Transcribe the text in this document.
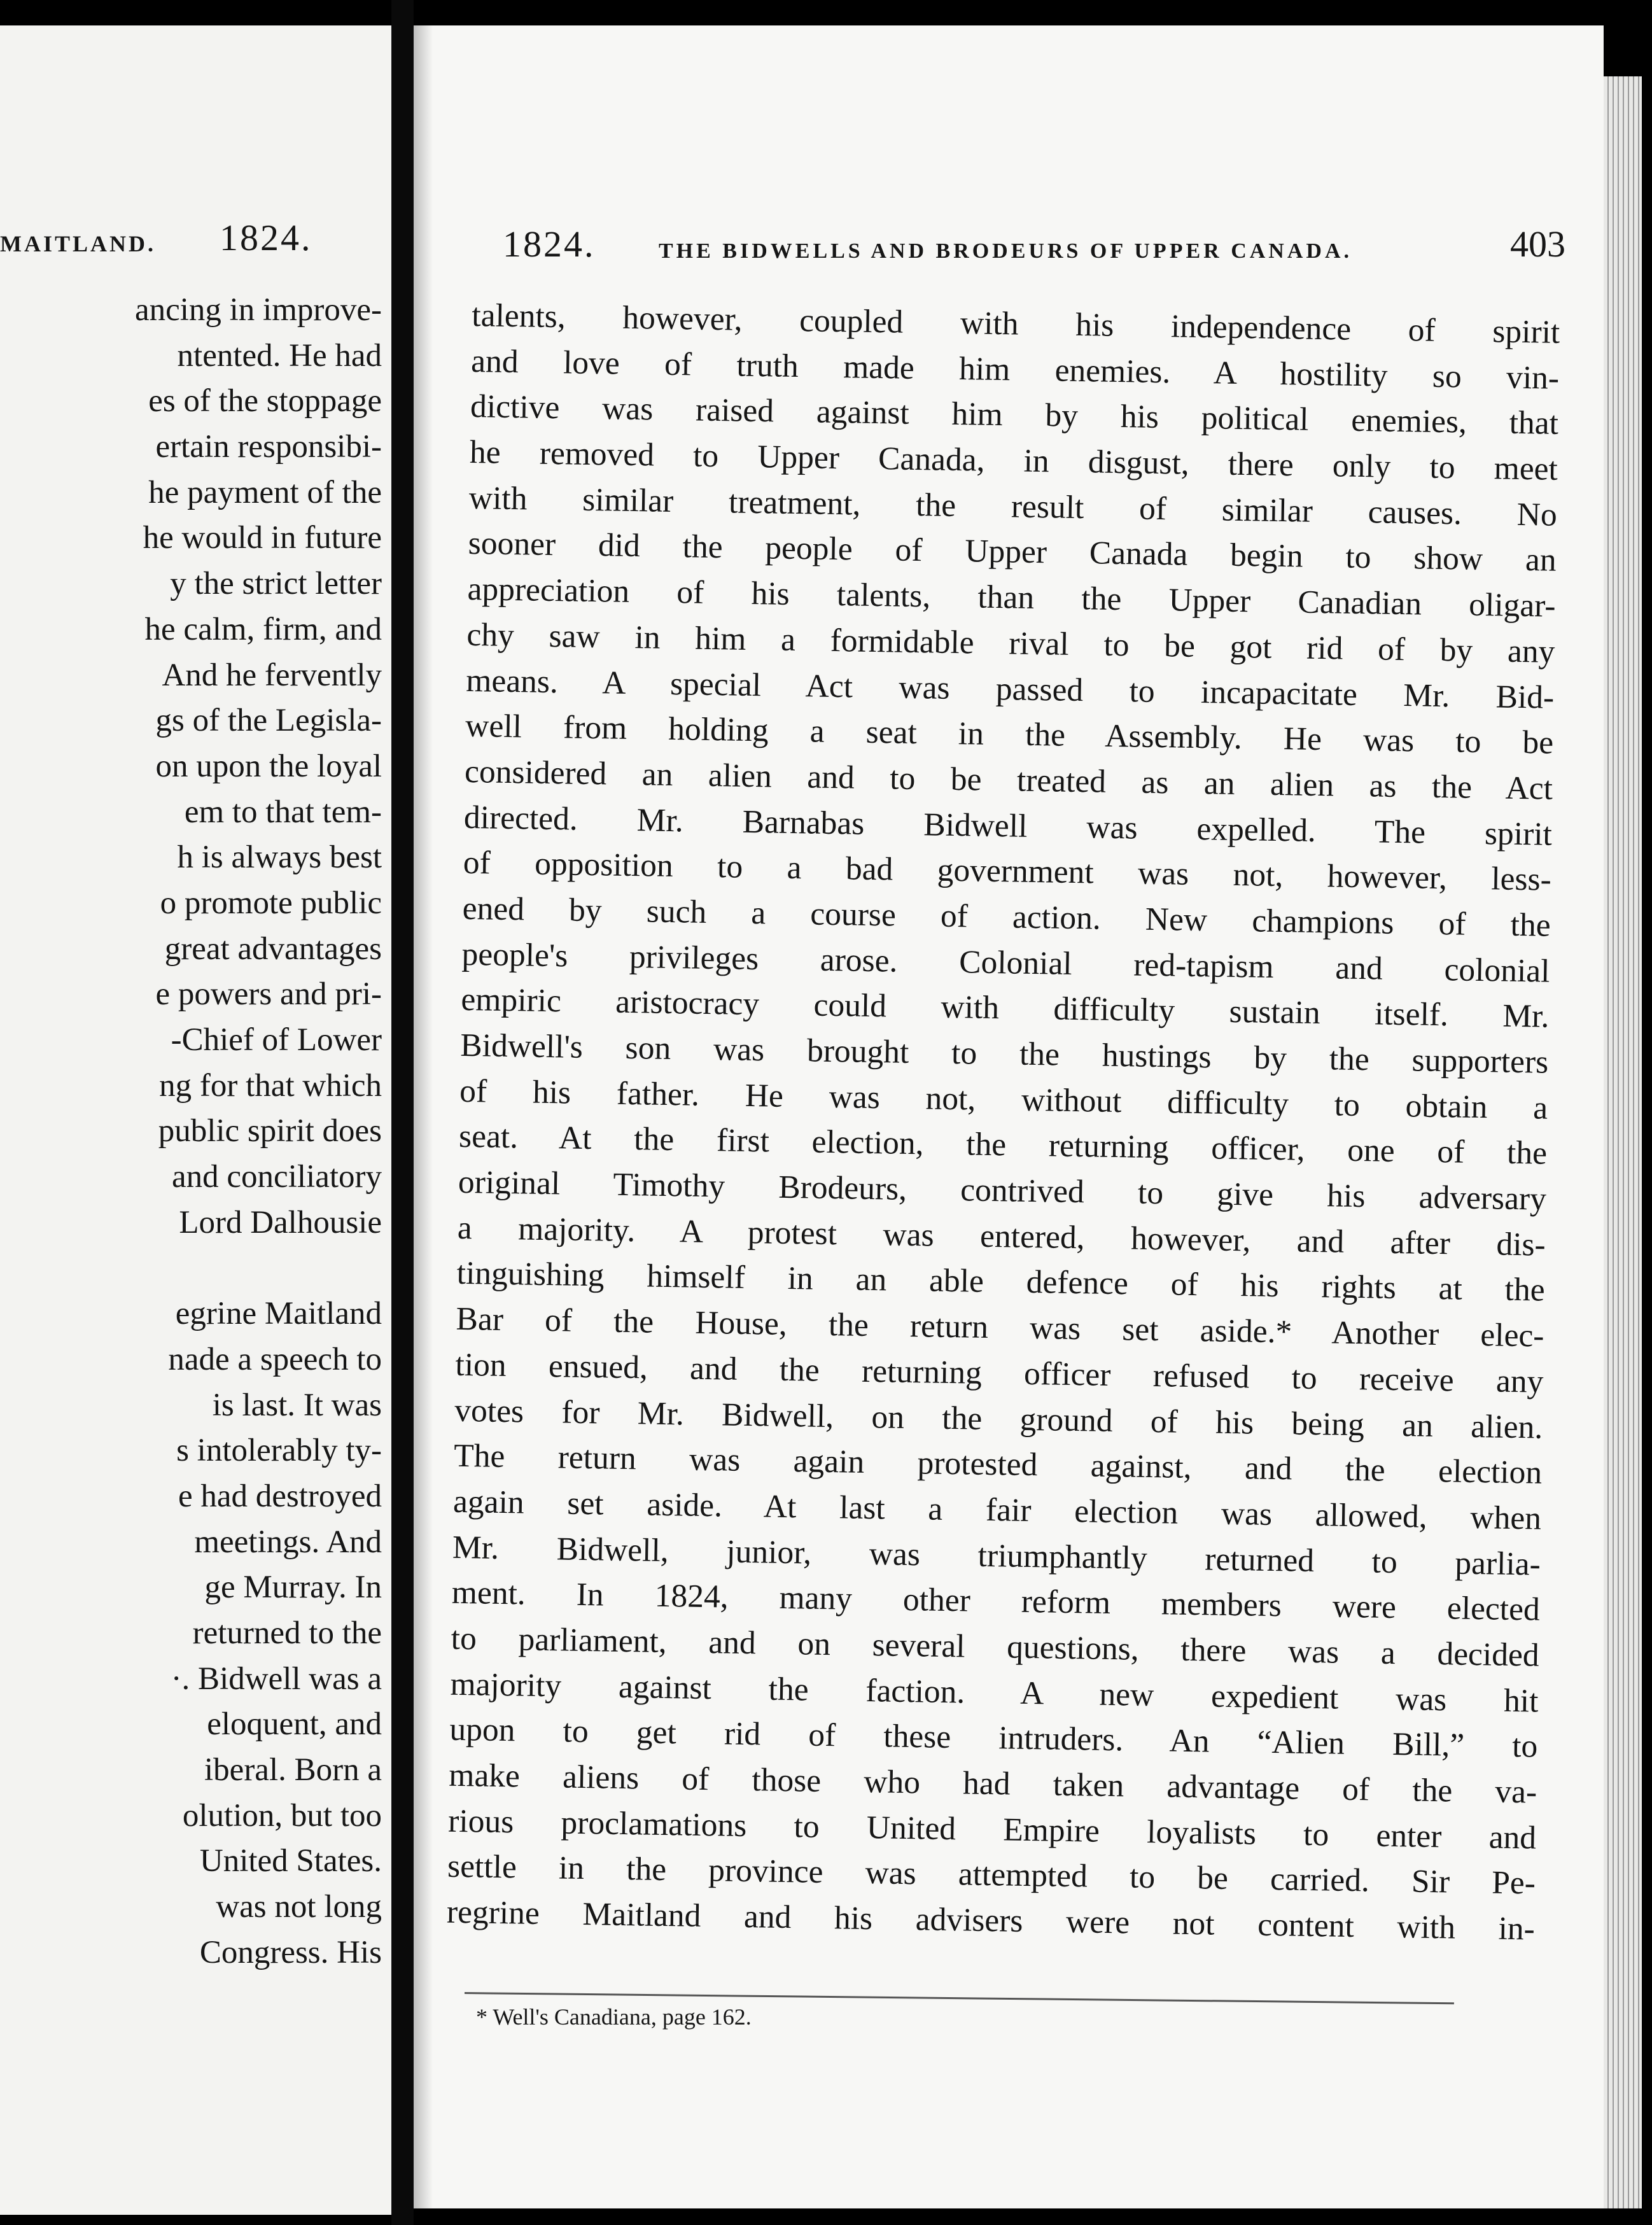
MAITLAND. 1824.
ancing in improve-
ntented. He had
es of the stoppage
ertain responsibi-
he payment of the
he would in future
y the strict letter
he calm, firm, and
And he fervently
gs of the Legisla-
on upon the loyal
em to that tem-
h is always best
o promote public
great advantages
e powers and pri-
-Chief of Lower
ng for that which
public spirit does
and conciliatory
Lord Dalhousie
egrine Maitland
nade a speech to
is last. It was
s intolerably ty-
e had destroyed
meetings. And
ge Murray. In
returned to the
·. Bidwell was a
eloquent, and
iberal. Born a
olution, but too
United States.
was not long
Congress. His
1824.	THE BIDWELLS AND BRODEURS OF UPPER CANADA.	403
talents, however, coupled with his independence of spirit
and love of truth made him enemies. A hostility so vin-
dictive was raised against him by his political enemies, that
he removed to Upper Canada, in disgust, there only to meet
with similar treatment, the result of similar causes. No
sooner did the people of Upper Canada begin to show an
appreciation of his talents, than the Upper Canadian oligar-
chy saw in him a formidable rival to be got rid of by any
means. A special Act was passed to incapacitate Mr. Bid-
well from holding a seat in the Assembly. He was to be
considered an alien and to be treated as an alien as the Act
directed. Mr. Barnabas Bidwell was expelled. The spirit
of opposition to a bad government was not, however, less-
ened by such a course of action. New champions of the
people's privileges arose. Colonial red-tapism and colonial
empiric aristocracy could with difficulty sustain itself. Mr.
Bidwell's son was brought to the hustings by the supporters
of his father. He was not, without difficulty to obtain a
seat. At the first election, the returning officer, one of the
original Timothy Brodeurs, contrived to give his adversary
a majority. A protest was entered, however, and after dis-
tinguishing himself in an able defence of his rights at the
Bar of the House, the return was set aside.* Another elec-
tion ensued, and the returning officer refused to receive any
votes for Mr. Bidwell, on the ground of his being an alien.
The return was again protested against, and the election
again set aside. At last a fair election was allowed, when
Mr. Bidwell, junior, was triumphantly returned to parlia-
ment. In 1824, many other reform members were elected
to parliament, and on several questions, there was a decided
majority against the faction. A new expedient was hit
upon to get rid of these intruders. An “Alien Bill,” to
make aliens of those who had taken advantage of the va-
rious proclamations to United Empire loyalists to enter and
settle in the province was attempted to be carried. Sir Pe-
regrine Maitland and his advisers were not content with in-
* Well's Canadiana, page 162.
